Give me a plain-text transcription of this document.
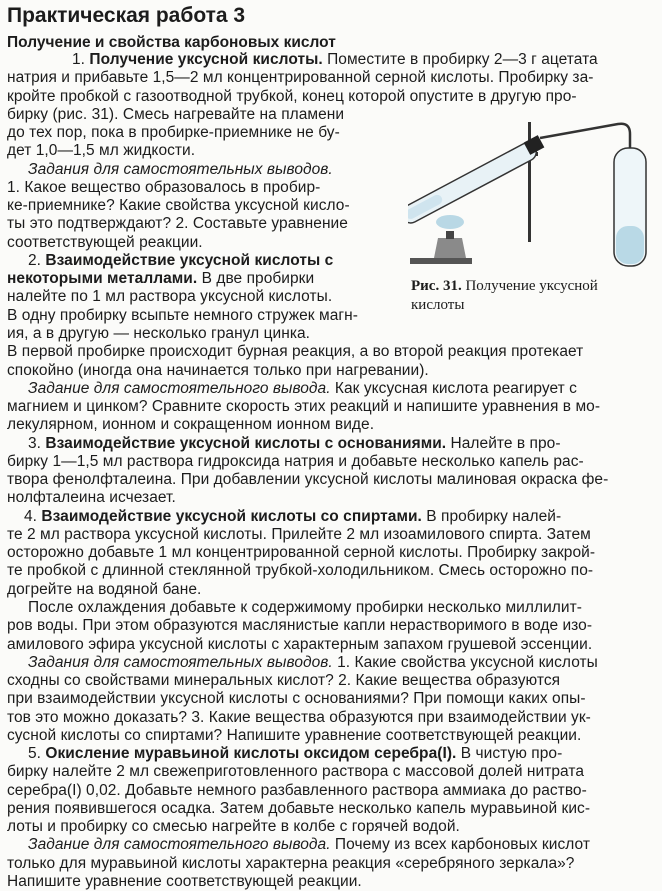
Практическая работа 3
Получение и свойства карбоновых кислот
1. Получение уксусной кислоты. Поместите в пробирку 2—3 г ацетата
натрия и прибавьте 1,5—2 мл концентрированной серной кислоты. Пробирку за-
кройте пробкой с газоотводной трубкой, конец которой опустите в другую про-
бирку (рис. 31). Смесь нагревайте на пламени
до тех пор, пока в пробирке-приемнике не бу-
дет 1,0—1,5 мл жидкости.
Задания для самостоятельных выводов.
1. Какое вещество образовалось в пробир-
ке-приемнике? Какие свойства уксусной кисло-
ты это подтверждают? 2. Составьте уравнение
соответствующей реакции.
2. Взаимодействие уксусной кислоты с
некоторыми металлами. В две пробирки
налейте по 1 мл раствора уксусной кислоты.
В одну пробирку всыпьте немного стружек магн-
ия, а в другую — несколько гранул цинка.
В первой пробирке происходит бурная реакция, а во второй реакция протекает
спокойно (иногда она начинается только при нагревании).
Задание для самостоятельного вывода. Как уксусная кислота реагирует с
магнием и цинком? Сравните скорость этих реакций и напишите уравнения в мо-
лекулярном, ионном и сокращенном ионном виде.
3. Взаимодействие уксусной кислоты с основаниями. Налейте в про-
бирку 1—1,5 мл раствора гидроксида натрия и добавьте несколько капель рас-
твора фенолфталеина. При добавлении уксусной кислоты малиновая окраска фе-
нолфталеина исчезает.
4. Взаимодействие уксусной кислоты со спиртами. В пробирку налей-
те 2 мл раствора уксусной кислоты. Прилейте 2 мл изоамилового спирта. Затем
осторожно добавьте 1 мл концентрированной серной кислоты. Пробирку закрой-
те пробкой с длинной стеклянной трубкой-холодильником. Смесь осторожно по-
догрейте на водяной бане.
После охлаждения добавьте к содержимому пробирки несколько миллилит-
ров воды. При этом образуются маслянистые капли нерастворимого в воде изо-
амилового эфира уксусной кислоты с характерным запахом грушевой эссенции.
Задания для самостоятельных выводов. 1. Какие свойства уксусной кислоты
сходны со свойствами минеральных кислот? 2. Какие вещества образуются
при взаимодействии уксусной кислоты с основаниями? При помощи каких опы-
тов это можно доказать? 3. Какие вещества образуются при взаимодействии ук-
сусной кислоты со спиртами? Напишите уравнение соответствующей реакции.
5. Окисление муравьиной кислоты оксидом серебра(I). В чистую про-
бирку налейте 2 мл свежеприготовленного раствора с массовой долей нитрата
серебра(I) 0,02. Добавьте немного разбавленного раствора аммиака до раство-
рения появившегося осадка. Затем добавьте несколько капель муравьиной кис-
лоты и пробирку со смесью нагрейте в колбе с горячей водой.
Задание для самостоятельного вывода. Почему из всех карбоновых кислот
только для муравьиной кислоты характерна реакция «серебряного зеркала»?
Напишите уравнение соответствующей реакции.
Рис. 31. Получение уксусной
кислоты
